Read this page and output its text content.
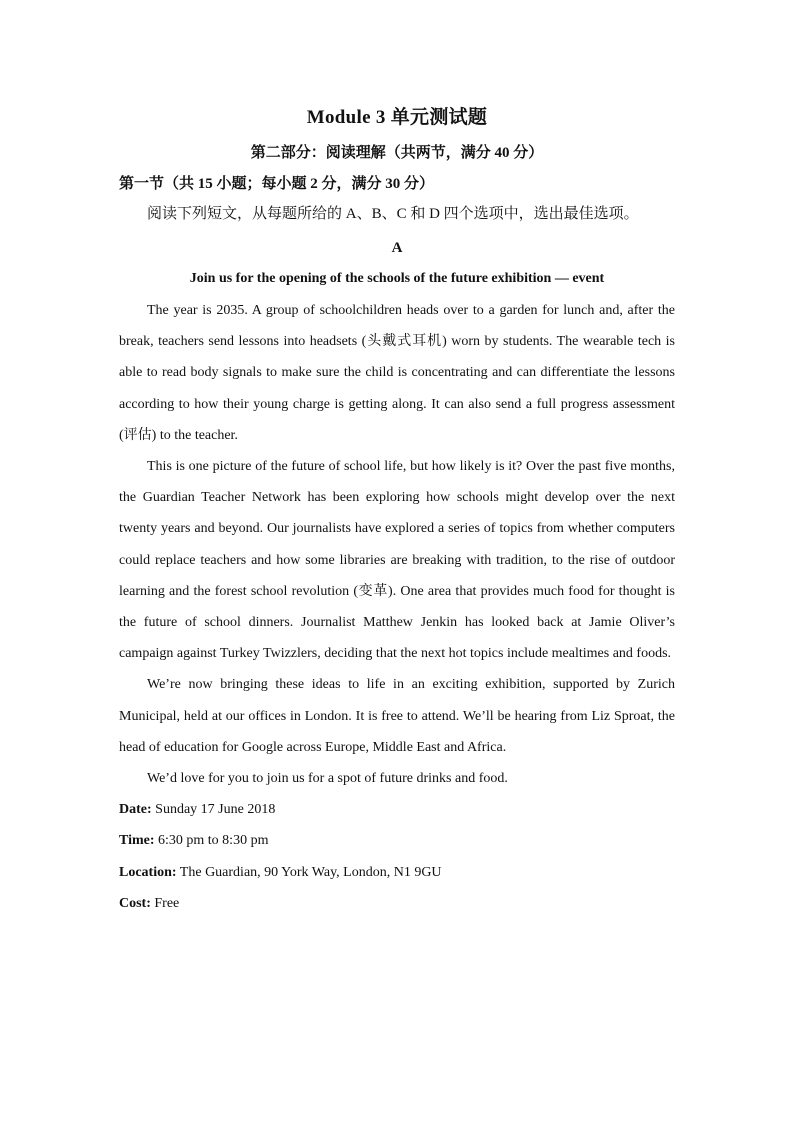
Module 3 单元测试题
第二部分：阅读理解（共两节，满分 40 分）
第一节（共 15 小题；每小题 2 分，满分 30 分）
阅读下列短文，从每题所给的 A、B、C 和 D 四个选项中，选出最佳选项。
A
Join us for the opening of the schools of the future exhibition — event

The year is 2035. A group of schoolchildren heads over to a garden for lunch and, after the break, teachers send lessons into headsets (头戴式耳机) worn by students. The wearable tech is able to read body signals to make sure the child is concentrating and can differentiate the lessons according to how their young charge is getting along. It can also send a full progress assessment (评估) to the teacher.

This is one picture of the future of school life, but how likely is it? Over the past five months, the Guardian Teacher Network has been exploring how schools might develop over the next twenty years and beyond. Our journalists have explored a series of topics from whether computers could replace teachers and how some libraries are breaking with tradition, to the rise of outdoor learning and the forest school revolution (变革). One area that provides much food for thought is the future of school dinners. Journalist Matthew Jenkin has looked back at Jamie Oliver’s campaign against Turkey Twizzlers, deciding that the next hot topics include mealtimes and foods.

We’re now bringing these ideas to life in an exciting exhibition, supported by Zurich Municipal, held at our offices in London. It is free to attend. We’ll be hearing from Liz Sproat, the head of education for Google across Europe, Middle East and Africa.

We’d love for you to join us for a spot of future drinks and food.

Date: Sunday 17 June 2018

Time: 6:30 pm to 8:30 pm

Location: The Guardian, 90 York Way, London, N1 9GU

Cost: Free
